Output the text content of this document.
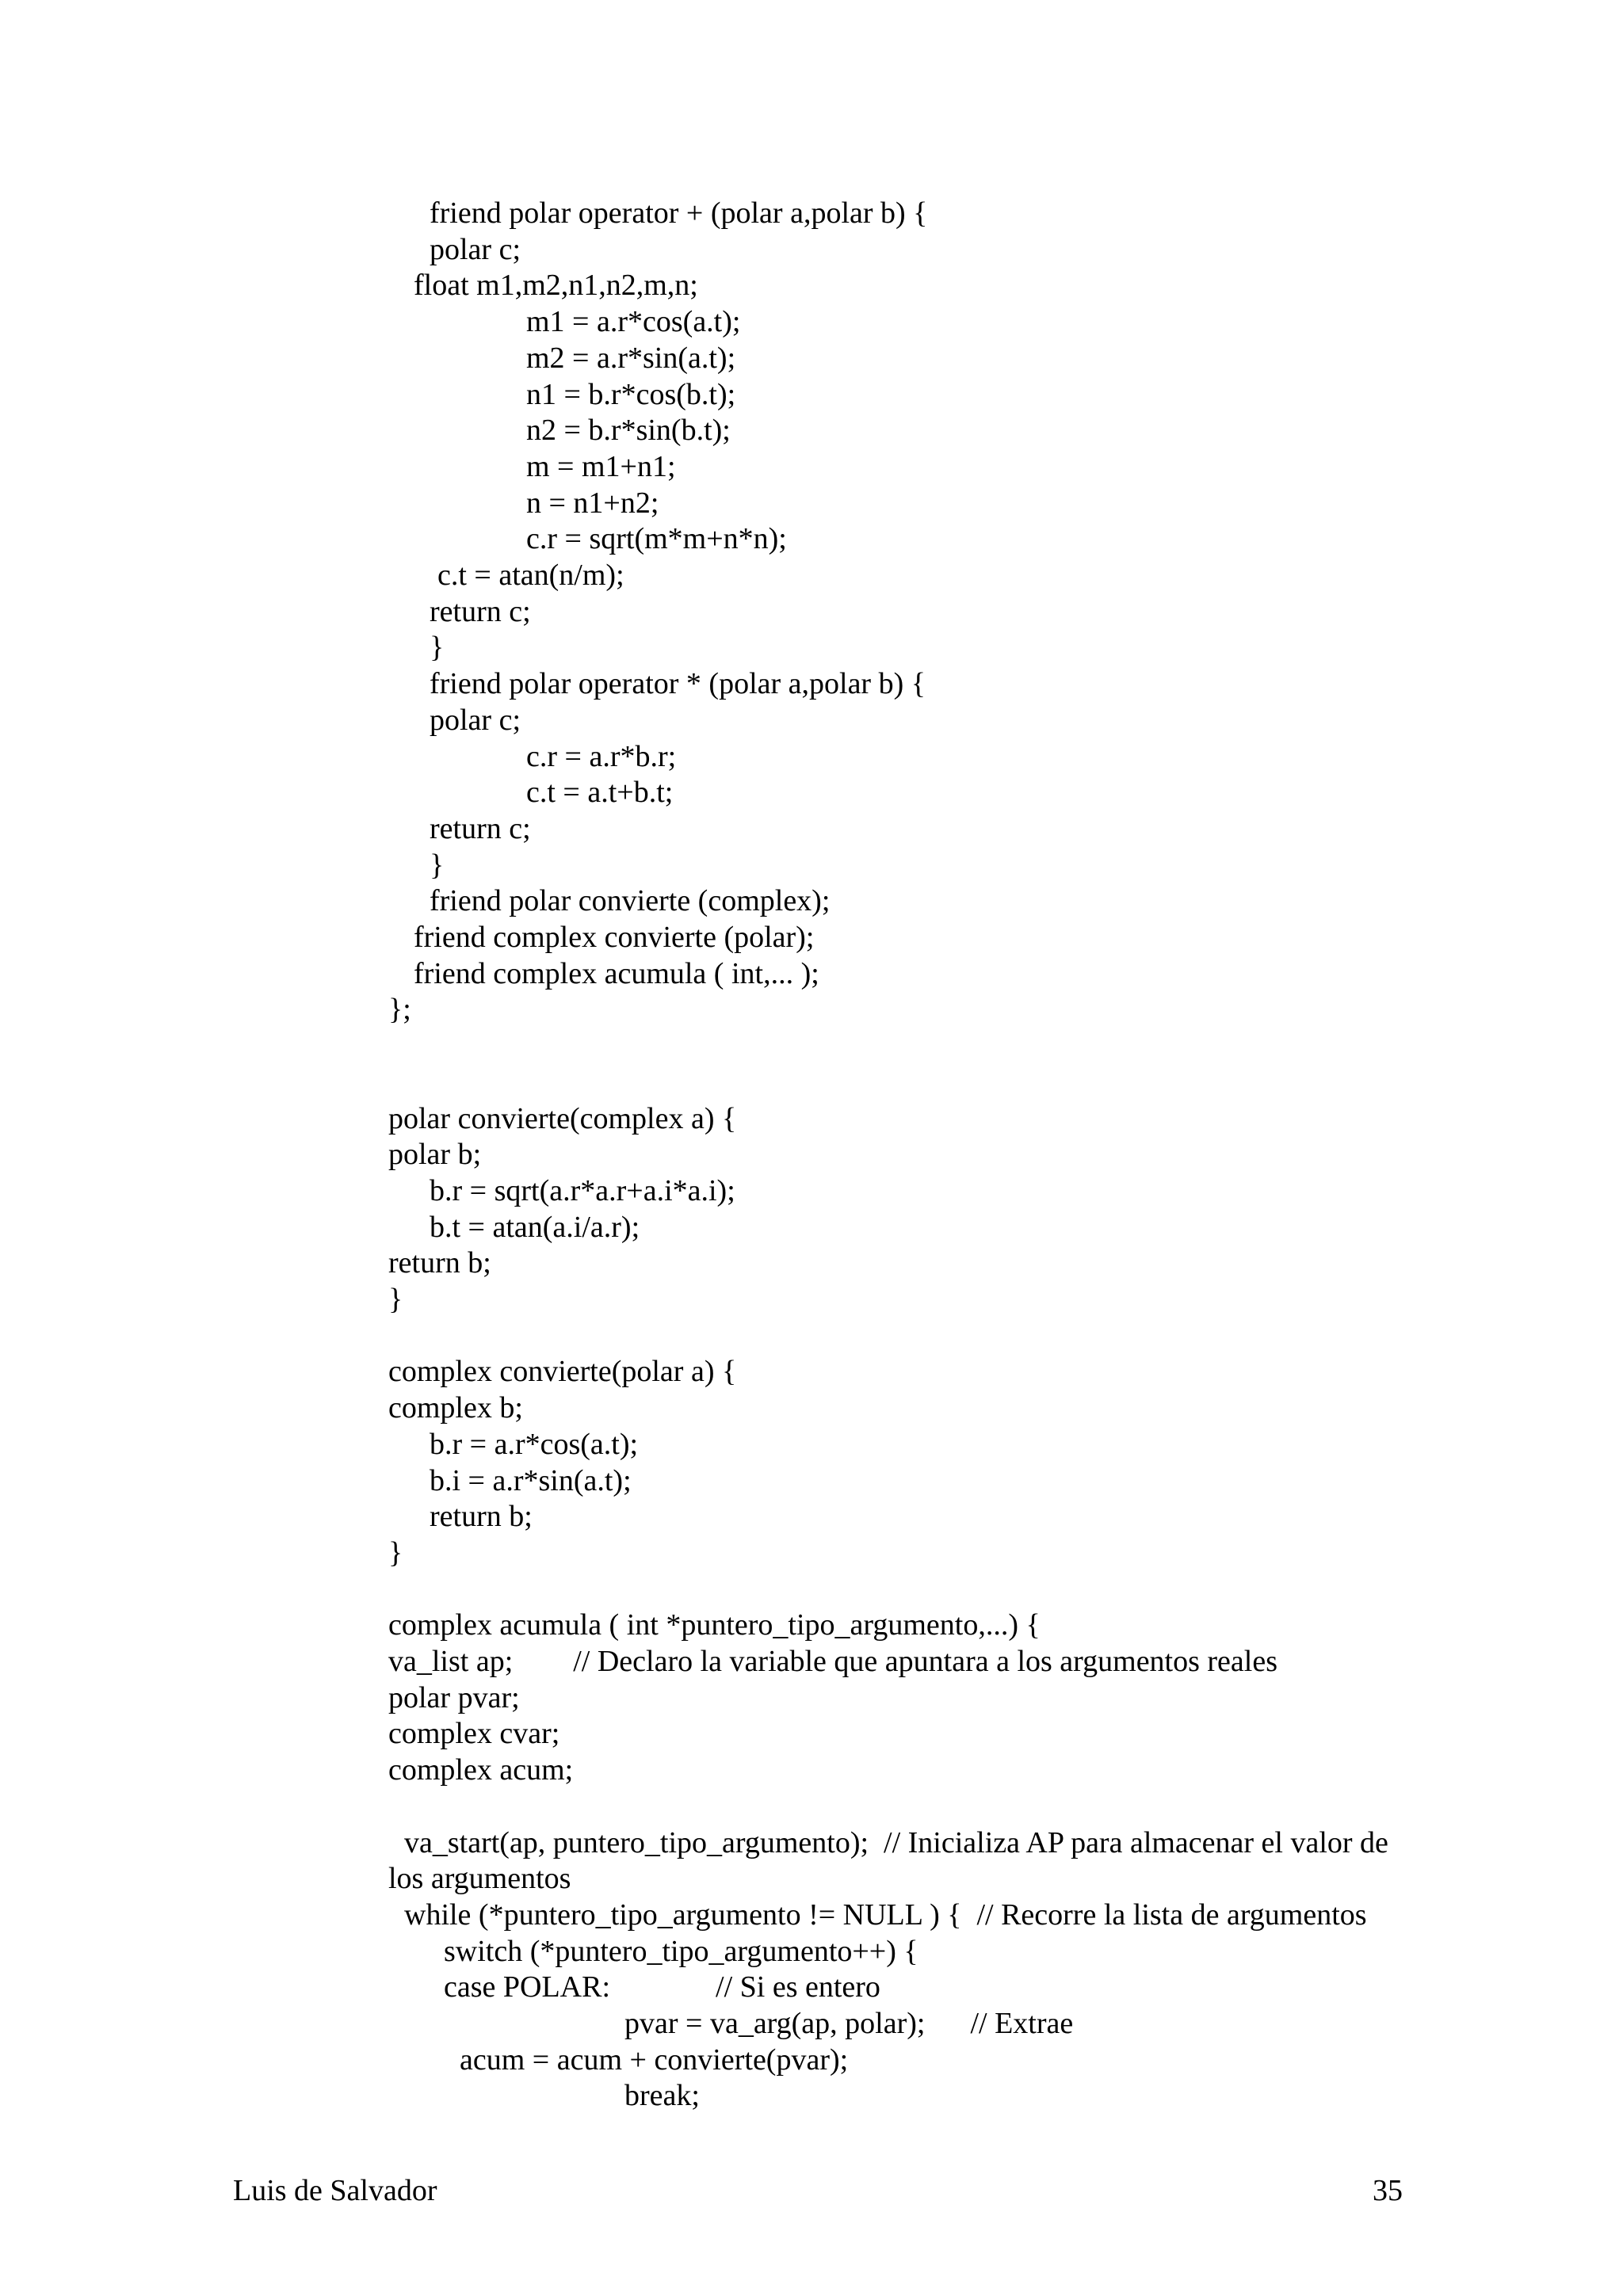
friend polar operator + (polar a,polar b) {
polar c;
float m1,m2,n1,n2,m,n;
m1 = a.r*cos(a.t);
m2 = a.r*sin(a.t);
n1 = b.r*cos(b.t);
n2 = b.r*sin(b.t);
m = m1+n1;
n = n1+n2;
c.r = sqrt(m*m+n*n);
c.t = atan(n/m);
return c;
}
friend polar operator * (polar a,polar b) {
polar c;
c.r = a.r*b.r;
c.t = a.t+b.t;
return c;
}
friend polar convierte (complex);
friend complex convierte (polar);
friend complex acumula ( int,... );
};
polar convierte(complex a) {
polar b;
b.r = sqrt(a.r*a.r+a.i*a.i);
b.t = atan(a.i/a.r);
return b;
}
complex convierte(polar a) {
complex b;
b.r = a.r*cos(a.t);
b.i = a.r*sin(a.t);
return b;
}
complex acumula ( int *puntero_tipo_argumento,...) {
va_list ap;        // Declaro la variable que apuntara a los argumentos reales
polar pvar;
complex cvar;
complex acum;
va_start(ap, puntero_tipo_argumento);  // Inicializa AP para almacenar el valor de
los argumentos
while (*puntero_tipo_argumento != NULL ) {  // Recorre la lista de argumentos
switch (*puntero_tipo_argumento++) {
case POLAR:              // Si es entero
pvar = va_arg(ap, polar);      // Extrae
acum = acum + convierte(pvar);
break;
Luis de Salvador	35
